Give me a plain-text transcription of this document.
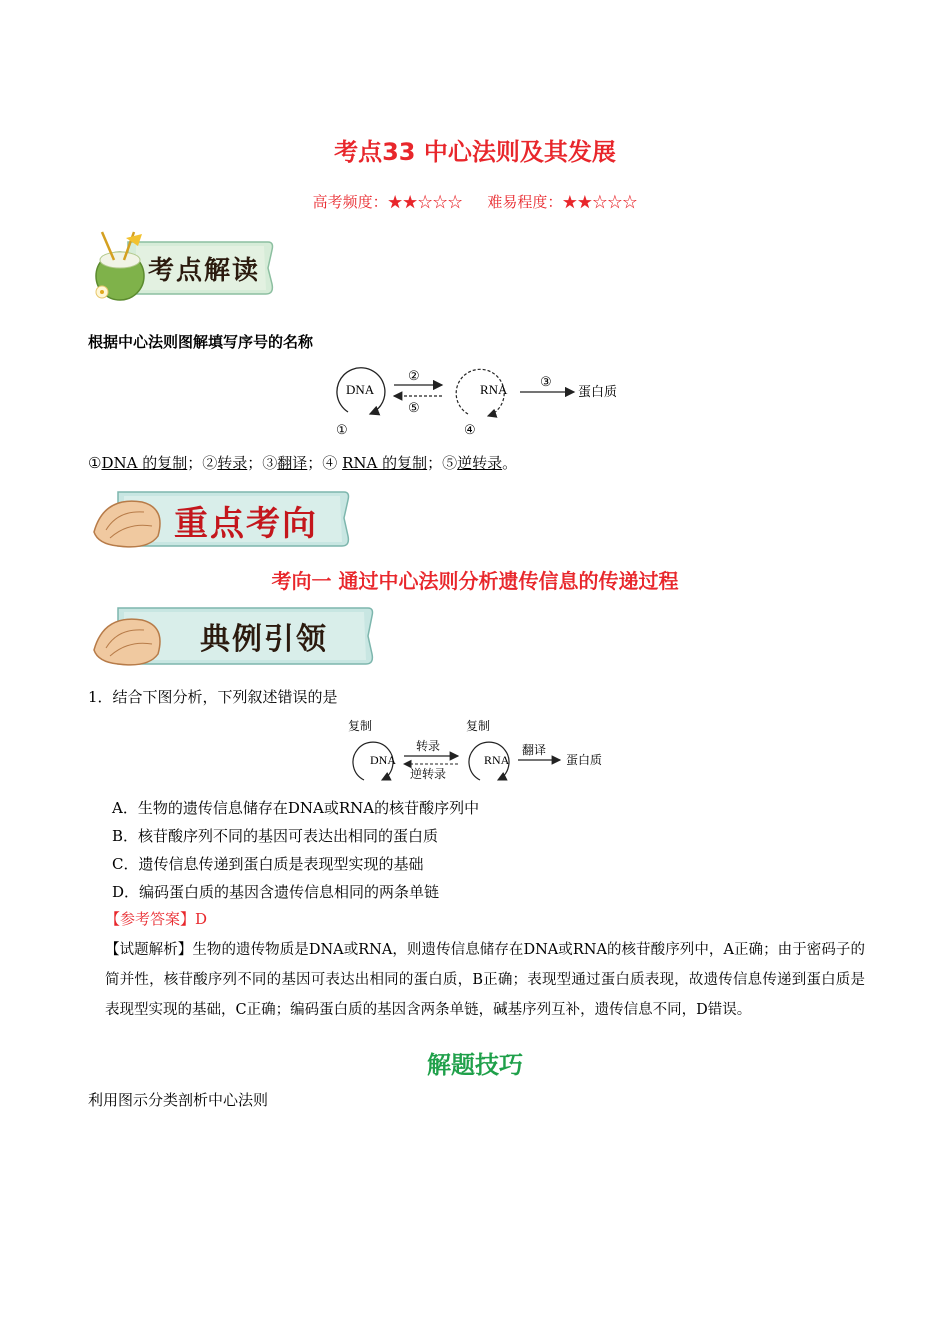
考点33 中心法则及其发展
高考频度：★★☆☆☆ 难易程度：★★☆☆☆
考点解读
根据中心法则图解填写序号的名称
DNA
②
⑤
RNA	③
蛋白质
①	④
①DNA 的复制；②转录；③翻译；④ RNA 的复制；⑤逆转录。
重点考向
考向一 通过中心法则分析遗传信息的传递过程
典例引领
1．结合下图分析，下列叙述错误的是
复制
DNA
转录
逆转录
复制
RNA
翻译
蛋白质
A．生物的遗传信息储存在DNA或RNA的核苷酸序列中
B．核苷酸序列不同的基因可表达出相同的蛋白质
C．遗传信息传递到蛋白质是表现型实现的基础
D．编码蛋白质的基因含遗传信息相同的两条单链
【参考答案】D
【试题解析】生物的遗传物质是DNA或RNA，则遗传信息储存在DNA或RNA的核苷酸序列中，A正确；由于密码子的简并性，核苷酸序列不同的基因可表达出相同的蛋白质，B正确；表现型通过蛋白质表现，故遗传信息传递到蛋白质是表现型实现的基础，C正确；编码蛋白质的基因含两条单链，碱基序列互补，遗传信息不同，D错误。
解题技巧
利用图示分类剖析中心法则
